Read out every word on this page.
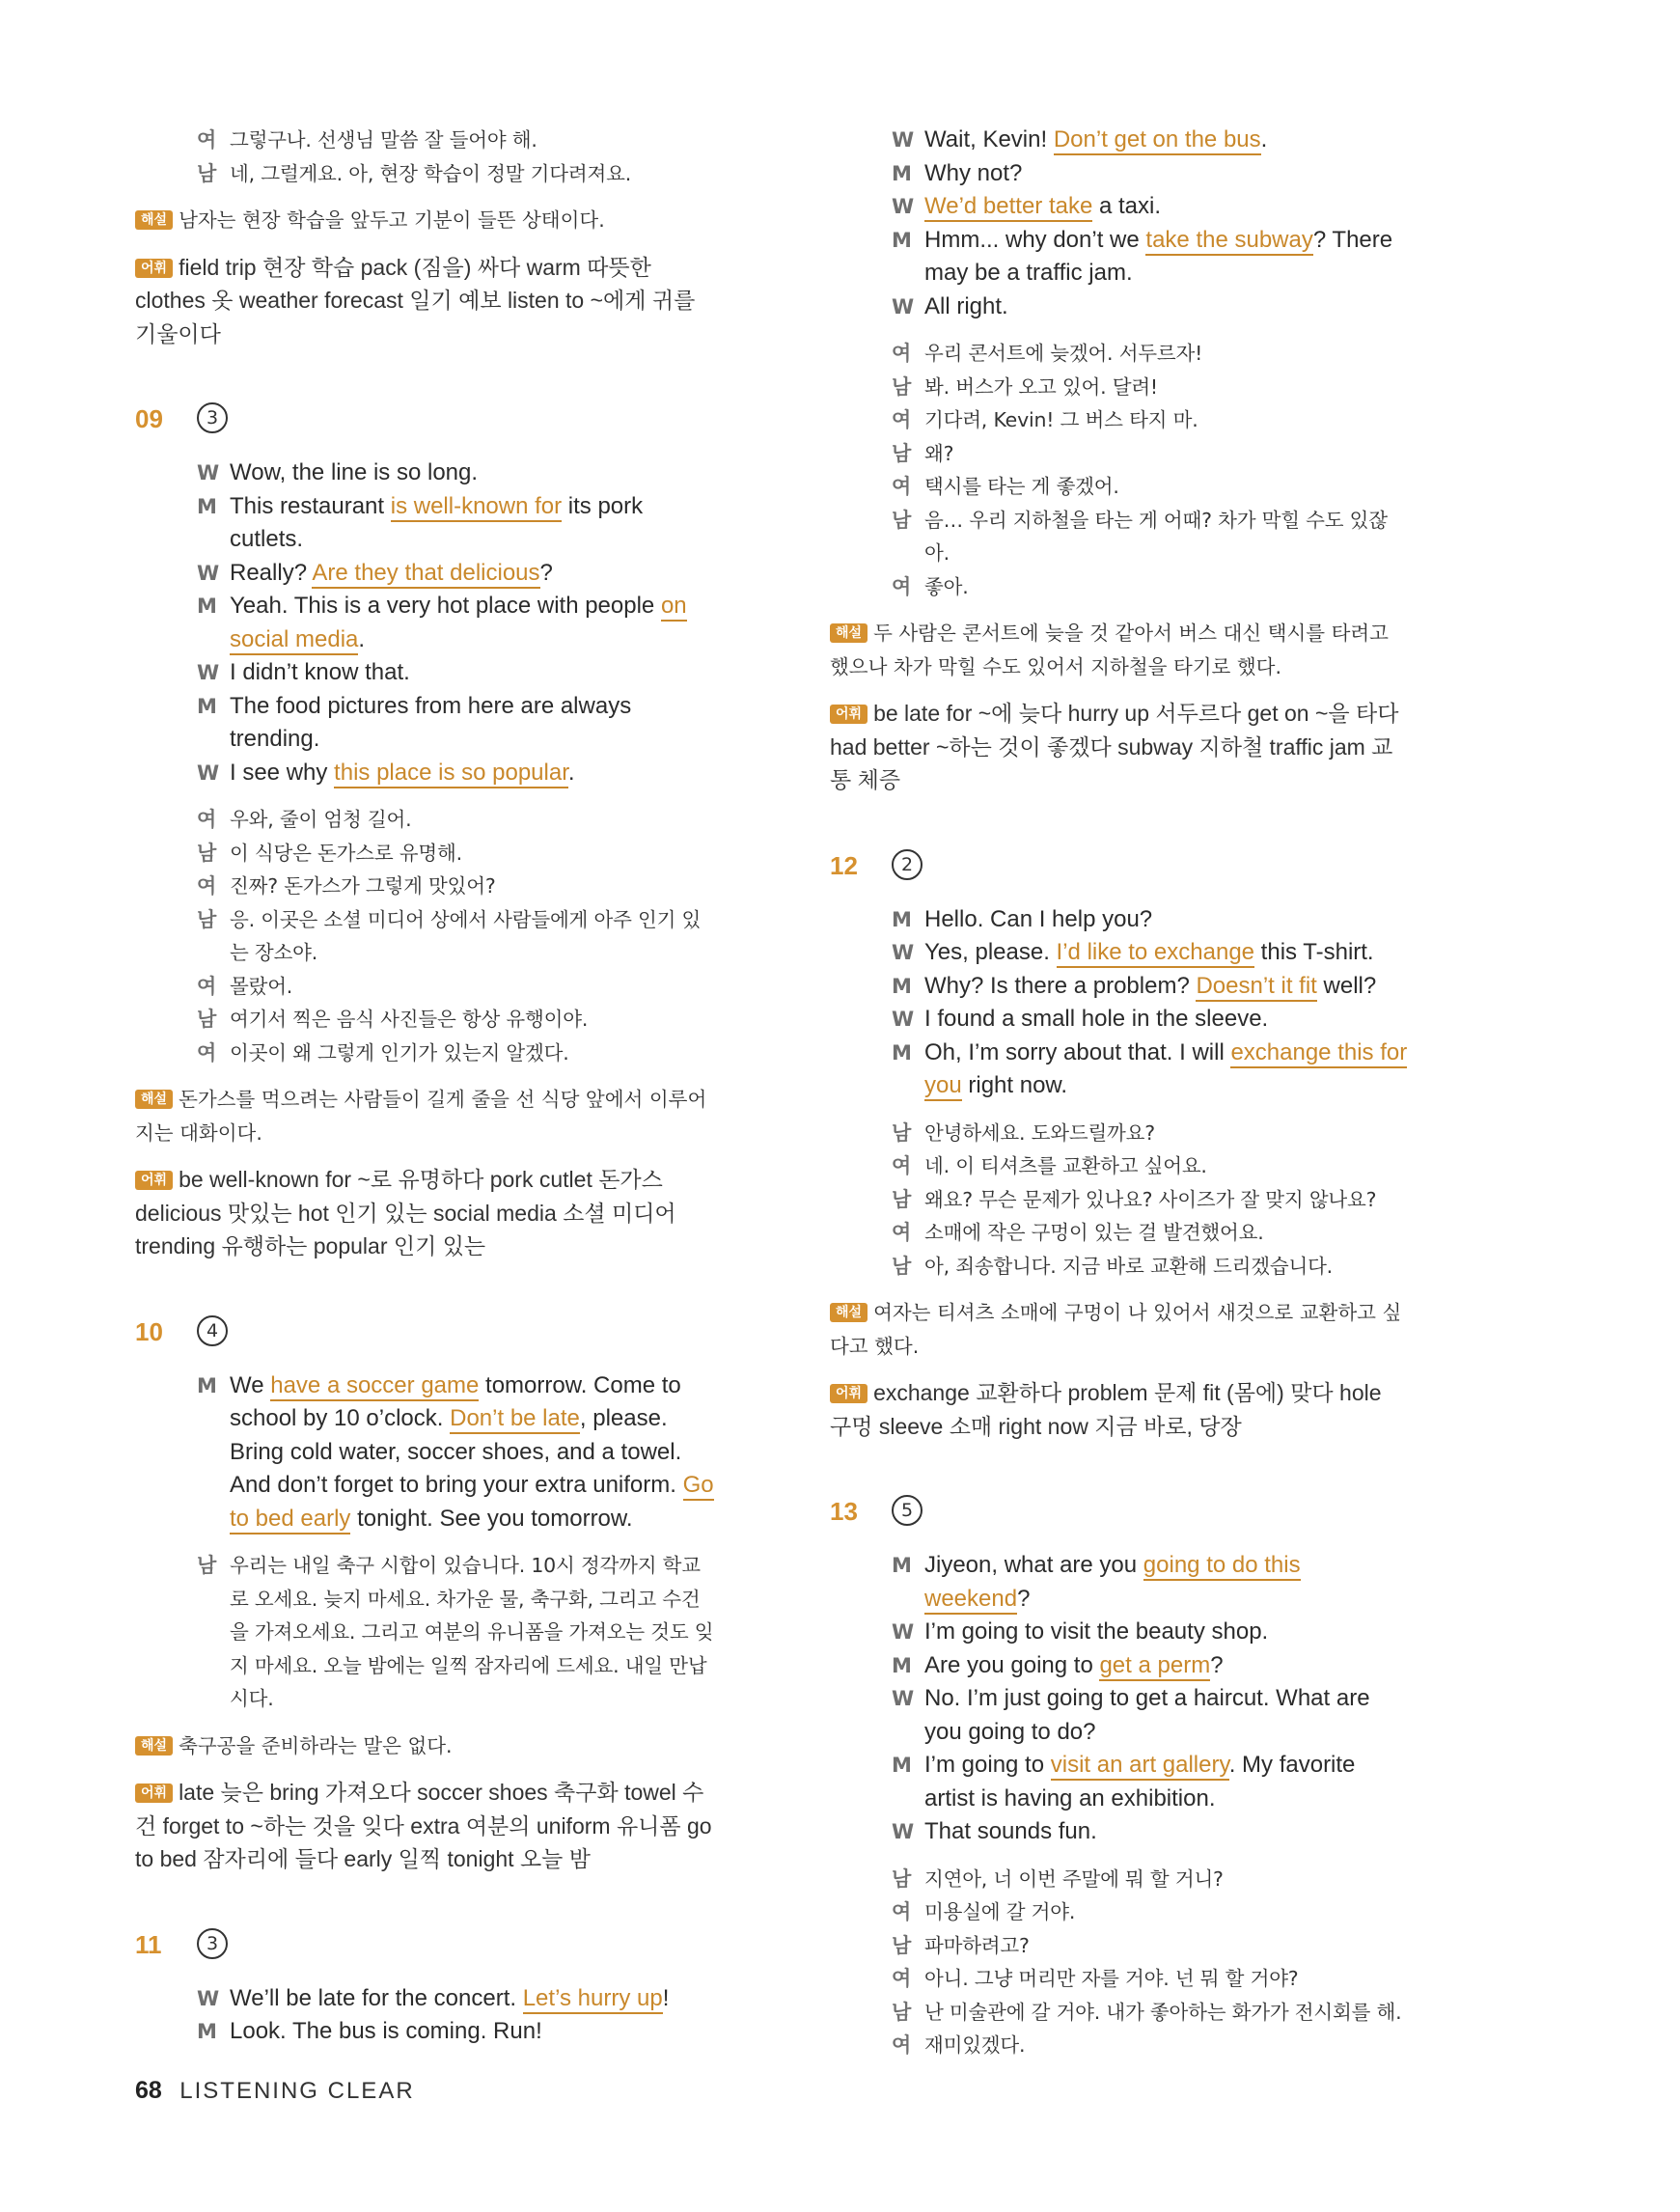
여 그렇구나. 선생님 말씀 잘 들어야 해.
남 네, 그럴게요. 아, 현장 학습이 정말 기다려져요.
해설 남자는 현장 학습을 앞두고 기분이 들뜬 상태이다.
어휘 field trip 현장 학습 pack (짐을) 싸다 warm 따뜻한 clothes 옷 weather forecast 일기 예보 listen to ~에게 귀를 기울이다
09	3
W Wow, the line is so long.
M This restaurant is well-known for its pork cutlets.
W Really? Are they that delicious?
M Yeah. This is a very hot place with people on social media.
W I didn’t know that.
M The food pictures from here are always trending.
W I see why this place is so popular.
여 우와, 줄이 엄청 길어.
남 이 식당은 돈가스로 유명해.
여 진짜? 돈가스가 그렇게 맛있어?
남 응. 이곳은 소셜 미디어 상에서 사람들에게 아주 인기 있는 장소야.
여 몰랐어.
남 여기서 찍은 음식 사진들은 항상 유행이야.
여 이곳이 왜 그렇게 인기가 있는지 알겠다.
해설 돈가스를 먹으려는 사람들이 길게 줄을 선 식당 앞에서 이루어지는 대화이다.
어휘 be well-known for ~로 유명하다 pork cutlet 돈가스 delicious 맛있는 hot 인기 있는 social media 소셜 미디어 trending 유행하는 popular 인기 있는
10	4
M We have a soccer game tomorrow. Come to school by 10 o’clock. Don’t be late, please. Bring cold water, soccer shoes, and a towel. And don’t forget to bring your extra uniform. Go to bed early tonight. See you tomorrow.
남 우리는 내일 축구 시합이 있습니다. 10시 정각까지 학교로 오세요. 늦지 마세요. 차가운 물, 축구화, 그리고 수건을 가져오세요. 그리고 여분의 유니폼을 가져오는 것도 잊지 마세요. 오늘 밤에는 일찍 잠자리에 드세요. 내일 만납시다.
해설 축구공을 준비하라는 말은 없다.
어휘 late 늦은 bring 가져오다 soccer shoes 축구화 towel 수건 forget to ~하는 것을 잊다 extra 여분의 uniform 유니폼 go to bed 잠자리에 들다 early 일찍 tonight 오늘 밤
11	3
W We’ll be late for the concert. Let’s hurry up!
M Look. The bus is coming. Run!
W Wait, Kevin! Don’t get on the bus.
M Why not?
W We’d better take a taxi.
M Hmm... why don’t we take the subway? There may be a traffic jam.
W All right.
여 우리 콘서트에 늦겠어. 서두르자!
남 봐. 버스가 오고 있어. 달려!
여 기다려, Kevin! 그 버스 타지 마.
남 왜?
여 택시를 타는 게 좋겠어.
남 음… 우리 지하철을 타는 게 어때? 차가 막힐 수도 있잖아.
여 좋아.
해설 두 사람은 콘서트에 늦을 것 같아서 버스 대신 택시를 타려고 했으나 차가 막힐 수도 있어서 지하철을 타기로 했다.
어휘 be late for ~에 늦다 hurry up 서두르다 get on ~을 타다 had better ~하는 것이 좋겠다 subway 지하철 traffic jam 교통 체증
12	2
M Hello. Can I help you?
W Yes, please. I’d like to exchange this T-shirt.
M Why? Is there a problem? Doesn’t it fit well?
W I found a small hole in the sleeve.
M Oh, I’m sorry about that. I will exchange this for you right now.
남 안녕하세요. 도와드릴까요?
여 네. 이 티셔츠를 교환하고 싶어요.
남 왜요? 무슨 문제가 있나요? 사이즈가 잘 맞지 않나요?
여 소매에 작은 구멍이 있는 걸 발견했어요.
남 아, 죄송합니다. 지금 바로 교환해 드리겠습니다.
해설 여자는 티셔츠 소매에 구멍이 나 있어서 새것으로 교환하고 싶다고 했다.
어휘 exchange 교환하다 problem 문제 fit (몸에) 맞다 hole 구멍 sleeve 소매 right now 지금 바로, 당장
13	5
M Jiyeon, what are you going to do this weekend?
W I’m going to visit the beauty shop.
M Are you going to get a perm?
W No. I’m just going to get a haircut. What are you going to do?
M I’m going to visit an art gallery. My favorite artist is having an exhibition.
W That sounds fun.
남 지연아, 너 이번 주말에 뭐 할 거니?
여 미용실에 갈 거야.
남 파마하려고?
여 아니. 그냥 머리만 자를 거야. 넌 뭐 할 거야?
남 난 미술관에 갈 거야. 내가 좋아하는 화가가 전시회를 해.
여 재미있겠다.
68 LISTENING CLEAR
